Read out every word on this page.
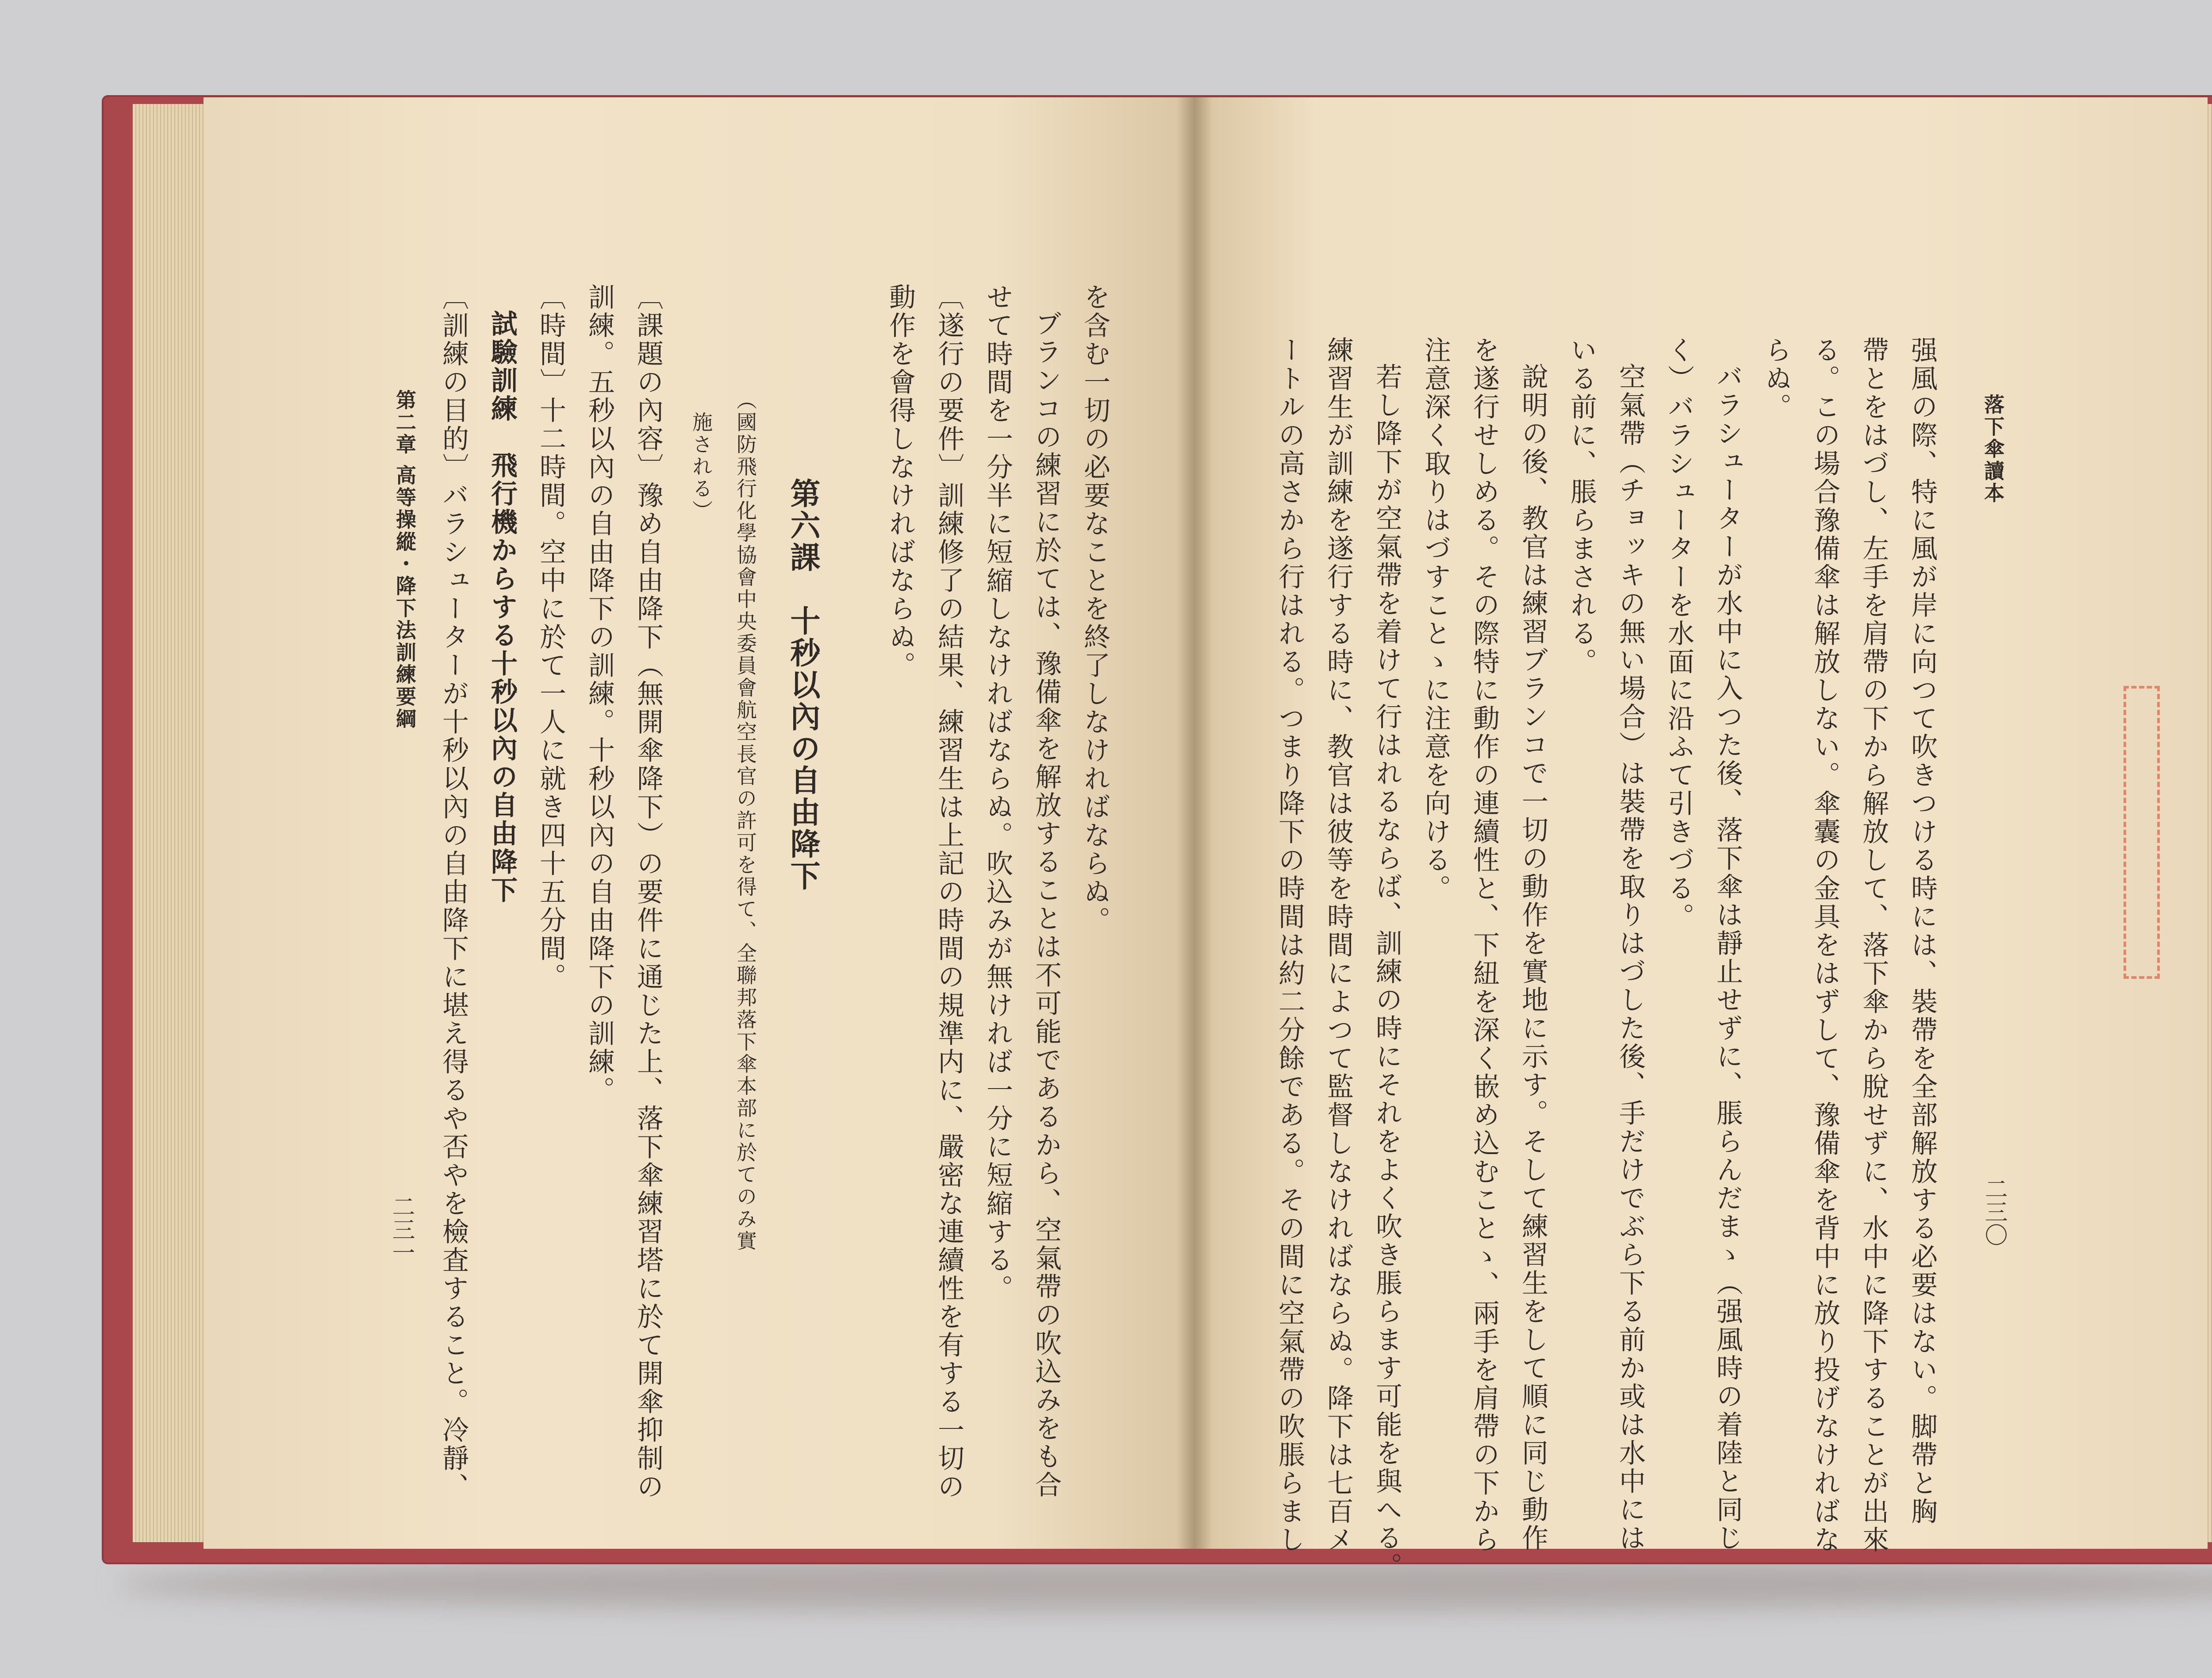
落下傘讀本
二三〇
强風の際、特に風が岸に向つて吹きつける時には、裝帶を全部解放する必要はない。脚帶と胸
帶とをはづし、左手を肩帶の下から解放して、落下傘から脫せずに、水中に降下することが出來
る。この場合豫備傘は解放しない。傘囊の金具をはずして、豫備傘を背中に放り投げなければな
らぬ。
バラシューターが水中に入つた後、落下傘は靜止せずに、脹らんだまゝ（强風時の着陸と同じ
く）バラシューターを水面に沿ふて引きづる。
空氣帶（チョッキの無い場合）は裝帶を取りはづした後、手だけでぶら下る前か或は水中には
いる前に、脹らまされる。
說明の後、教官は練習ブランコで一切の動作を實地に示す。そして練習生をして順に同じ動作
を遂行せしめる。その際特に動作の連續性と、下紐を深く嵌め込むことゝ、兩手を肩帶の下から
注意深く取りはづすことゝに注意を向ける。
若し降下が空氣帶を着けて行はれるならば、訓練の時にそれをよく吹き脹らます可能を與へる。
練習生が訓練を遂行する時に、教官は彼等を時間によつて監督しなければならぬ。降下は七百メ
ートルの高さから行はれる。つまり降下の時間は約二分餘である。その間に空氣帶の吹脹らまし
を含む一切の必要なことを終了しなければならぬ。
ブランコの練習に於ては、豫備傘を解放することは不可能であるから、空氣帶の吹込みをも合
せて時間を一分半に短縮しなければならぬ。吹込みが無ければ一分に短縮する。
〔遂行の要件〕訓練修了の結果、練習生は上記の時間の規準内に、嚴密な連續性を有する一切の
動作を會得しなければならぬ。
第六課　十秒以內の自由降下
（國防飛行化學協會中央委員會航空長官の許可を得て、全聯邦落下傘本部に於てのみ實
施される）
〔課題の內容〕豫め自由降下（無開傘降下）の要件に通じた上、落下傘練習塔に於て開傘抑制の
訓練。五秒以內の自由降下の訓練。十秒以內の自由降下の訓練。
〔時間〕十二時間。空中に於て一人に就き四十五分間。
試驗訓練　飛行機からする十秒以內の自由降下
〔訓練の目的〕バラシューターが十秒以內の自由降下に堪え得るや否やを檢査すること。冷靜、
第二章 高等操縱・降下法訓練要綱
二三一
